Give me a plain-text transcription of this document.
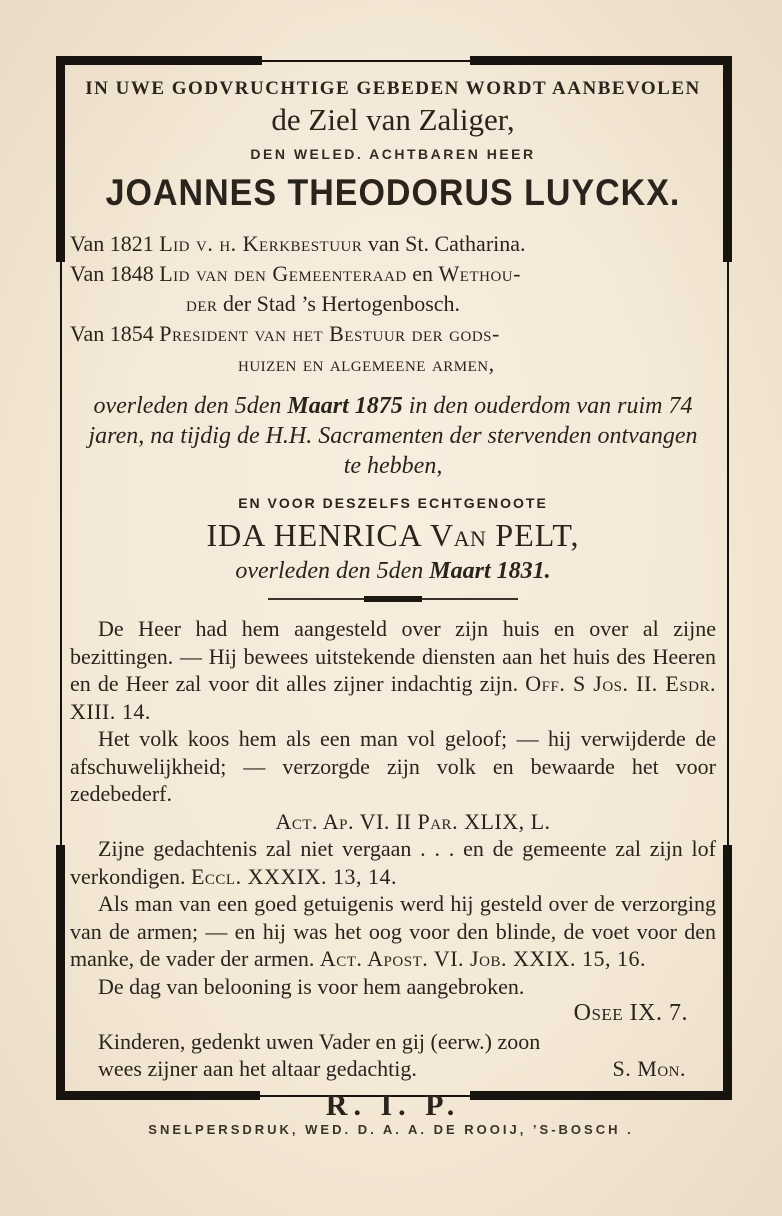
IN UWE GODVRUCHTIGE GEBEDEN WORDT AANBEVOLEN
de Ziel van Zaliger,
DEN WELED. ACHTBAREN HEER
JOANNES THEODORUS LUYCKX.
Van 1821 Lid v. h. Kerkbestuur van St. Catharina.
Van 1848 Lid van den Gemeenteraad en Wethou-
der der Stad ’s Hertogenbosch.
Van 1854 President van het Bestuur der gods-
huizen en algemeene armen,
overleden den 5den Maart 1875 in den ouderdom van ruim 74 jaren, na tijdig de H.H. Sacramenten der stervenden ontvangen te hebben,
EN VOOR DESZELFS ECHTGENOOTE
IDA HENRICA Van PELT,
overleden den 5den Maart 1831.

De Heer had hem aangesteld over zijn huis en over al zijne bezittingen. — Hij bewees uitstekende diensten aan het huis des Heeren en de Heer zal voor dit alles zijner indachtig zijn. Off. S Jos. II. Esdr. XIII. 14.

Het volk koos hem als een man vol geloof; — hij verwijderde de afschuwelijkheid; — verzorgde zijn volk en bewaarde het voor zedebederf.

Act. Ap. VI. II Par. XLIX, L.

Zijne gedachtenis zal niet vergaan . . . en de gemeente zal zijn lof verkondigen. Eccl. XXXIX. 13, 14.

Als man van een goed getuigenis werd hij gesteld over de verzorging van de armen; — en hij was het oog voor den blinde, de voet voor den manke, de vader der armen. Act. Apost. VI. Job. XXIX. 15, 16.

De dag van belooning is voor hem aangebroken.

Osee IX. 7.

Kinderen, gedenkt uwen Vader en gij (eerw.) zoon

wees zijner aan het altaar gedachtig.	S. Mon.

R. I. P.
SNELPERSDRUK, WED. D. A. A. DE ROOIJ, ’S-BOSCH .
